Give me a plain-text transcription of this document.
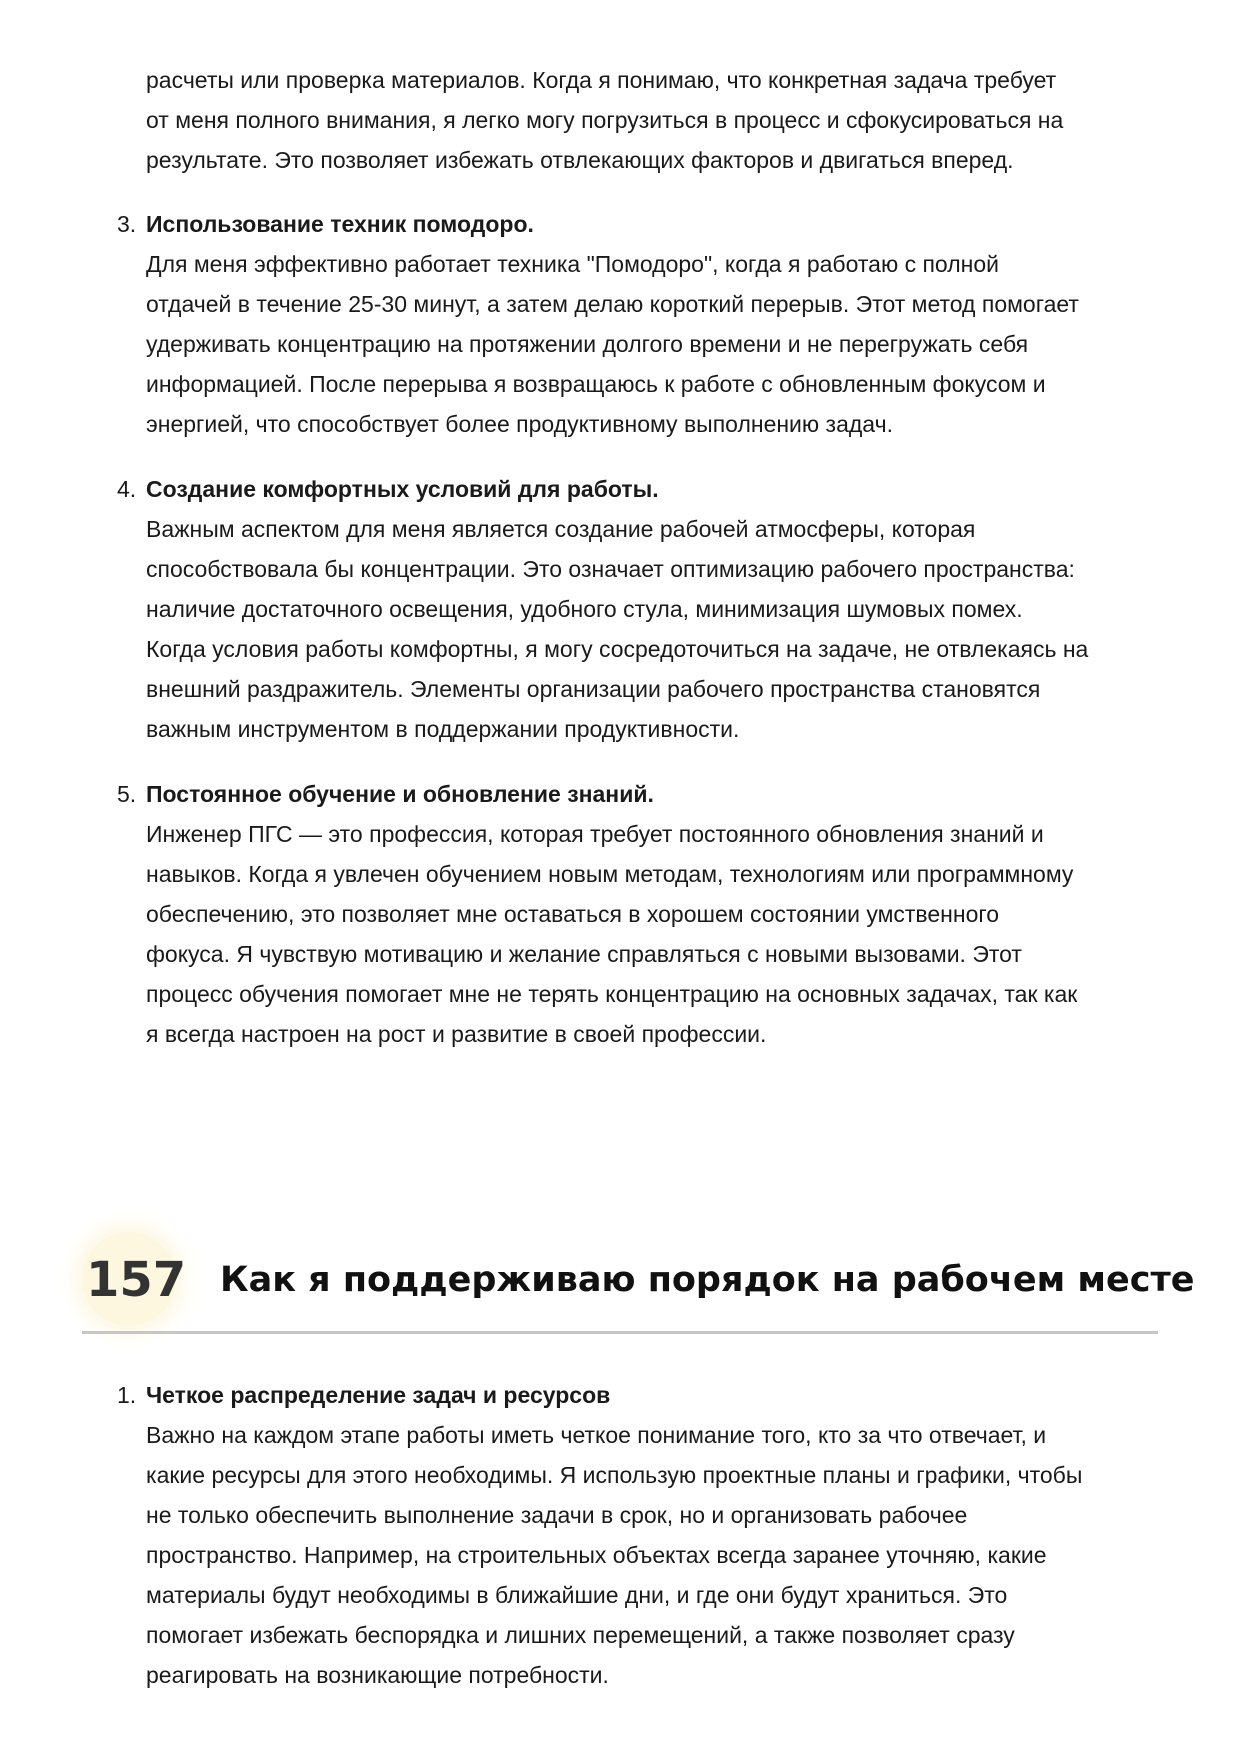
расчеты или проверка материалов. Когда я понимаю, что конкретная задача требует
от меня полного внимания, я легко могу погрузиться в процесс и сфокусироваться на
результате. Это позволяет избежать отвлекающих факторов и двигаться вперед.
3. Использование техник помодоро.
Для меня эффективно работает техника "Помодоро", когда я работаю с полной
отдачей в течение 25-30 минут, а затем делаю короткий перерыв. Этот метод помогает
удерживать концентрацию на протяжении долгого времени и не перегружать себя
информацией. После перерыва я возвращаюсь к работе с обновленным фокусом и
энергией, что способствует более продуктивному выполнению задач.
4. Создание комфортных условий для работы.
Важным аспектом для меня является создание рабочей атмосферы, которая
способствовала бы концентрации. Это означает оптимизацию рабочего пространства:
наличие достаточного освещения, удобного стула, минимизация шумовых помех.
Когда условия работы комфортны, я могу сосредоточиться на задаче, не отвлекаясь на
внешний раздражитель. Элементы организации рабочего пространства становятся
важным инструментом в поддержании продуктивности.
5. Постоянное обучение и обновление знаний.
Инженер ПГС — это профессия, которая требует постоянного обновления знаний и
навыков. Когда я увлечен обучением новым методам, технологиям или программному
обеспечению, это позволяет мне оставаться в хорошем состоянии умственного
фокуса. Я чувствую мотивацию и желание справляться с новыми вызовами. Этот
процесс обучения помогает мне не терять концентрацию на основных задачах, так как
я всегда настроен на рост и развитие в своей профессии.
157 Как я поддерживаю порядок на рабочем месте
1. Четкое распределение задач и ресурсов
Важно на каждом этапе работы иметь четкое понимание того, кто за что отвечает, и
какие ресурсы для этого необходимы. Я использую проектные планы и графики, чтобы
не только обеспечить выполнение задачи в срок, но и организовать рабочее
пространство. Например, на строительных объектах всегда заранее уточняю, какие
материалы будут необходимы в ближайшие дни, и где они будут храниться. Это
помогает избежать беспорядка и лишних перемещений, а также позволяет сразу
реагировать на возникающие потребности.
